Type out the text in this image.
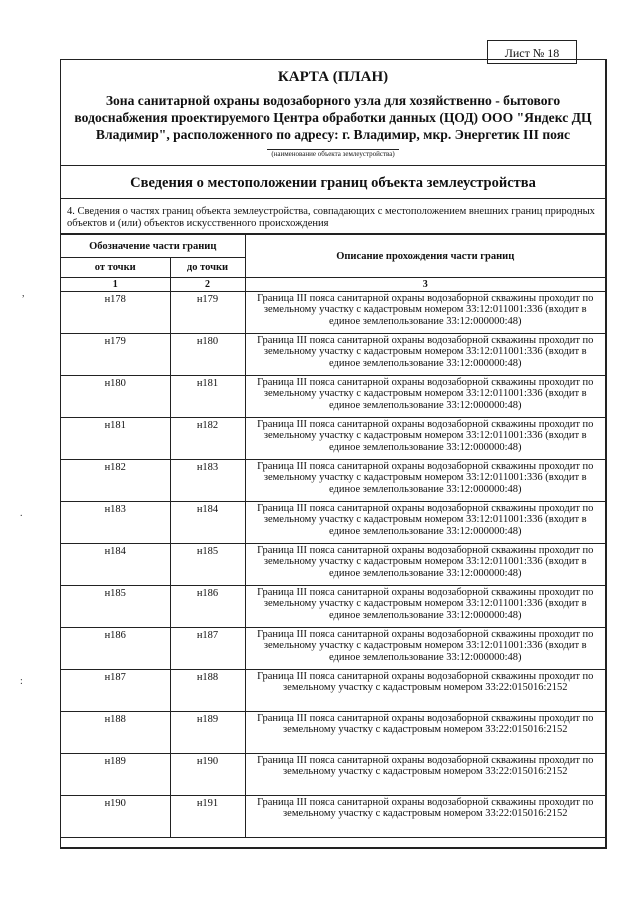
Лист № 18
,
.
:
КАРТА (ПЛАН)
Зона санитарной охраны водозаборного узла для хозяйственно - бытового водоснабжения проектируемого Центра обработки данных (ЦОД) ООО "Яндекс ДЦ Владимир", расположенного по адресу: г. Владимир, мкр. Энергетик III пояс
(наименование объекта землеустройства)
Сведения о местоположении границ объекта землеустройства
4. Сведения о частях границ объекта землеустройства, совпадающих с местоположением внешних границ природных объектов и (или) объектов искусственного происхождения
Обозначение части границ		Описание прохождения части границ
от точки	до точки	
1	2	3
н178	н179	Граница III пояса санитарной охраны водозаборной скважины проходит по земельному участку с кадастровым номером 33:12:011001:336 (входит в единое землепользование 33:12:000000:48)
н179	н180	Граница III пояса санитарной охраны водозаборной скважины проходит по земельному участку с кадастровым номером 33:12:011001:336 (входит в единое землепользование 33:12:000000:48)
н180	н181	Граница III пояса санитарной охраны водозаборной скважины проходит по земельному участку с кадастровым номером 33:12:011001:336 (входит в единое землепользование 33:12:000000:48)
н181	н182	Граница III пояса санитарной охраны водозаборной скважины проходит по земельному участку с кадастровым номером 33:12:011001:336 (входит в единое землепользование 33:12:000000:48)
н182	н183	Граница III пояса санитарной охраны водозаборной скважины проходит по земельному участку с кадастровым номером 33:12:011001:336 (входит в единое землепользование 33:12:000000:48)
н183	н184	Граница III пояса санитарной охраны водозаборной скважины проходит по земельному участку с кадастровым номером 33:12:011001:336 (входит в единое землепользование 33:12:000000:48)
н184	н185	Граница III пояса санитарной охраны водозаборной скважины проходит по земельному участку с кадастровым номером 33:12:011001:336 (входит в единое землепользование 33:12:000000:48)
н185	н186	Граница III пояса санитарной охраны водозаборной скважины проходит по земельному участку с кадастровым номером 33:12:011001:336 (входит в единое землепользование 33:12:000000:48)
н186	н187	Граница III пояса санитарной охраны водозаборной скважины проходит по земельному участку с кадастровым номером 33:12:011001:336 (входит в единое землепользование 33:12:000000:48)
н187	н188	Граница III пояса санитарной охраны водозаборной скважины проходит по земельному участку с кадастровым номером 33:22:015016:2152
н188	н189	Граница III пояса санитарной охраны водозаборной скважины проходит по земельному участку с кадастровым номером 33:22:015016:2152
н189	н190	Граница III пояса санитарной охраны водозаборной скважины проходит по земельному участку с кадастровым номером 33:22:015016:2152
н190	н191	Граница III пояса санитарной охраны водозаборной скважины проходит по земельному участку с кадастровым номером 33:22:015016:2152
